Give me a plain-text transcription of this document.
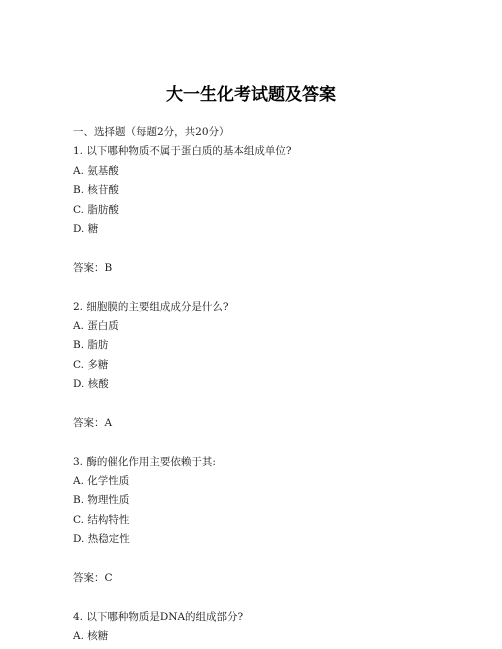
大一生化考试题及答案
一、选择题（每题2分，共20分）
1. 以下哪种物质不属于蛋白质的基本组成单位?
A. 氨基酸
B. 核苷酸
C. 脂肪酸
D. 糖
答案：B
2. 细胞膜的主要组成成分是什么?
A. 蛋白质
B. 脂肪
C. 多糖
D. 核酸
答案：A
3. 酶的催化作用主要依赖于其:
A. 化学性质
B. 物理性质
C. 结构特性
D. 热稳定性
答案：C
4. 以下哪种物质是DNA的组成部分?
A. 核糖
